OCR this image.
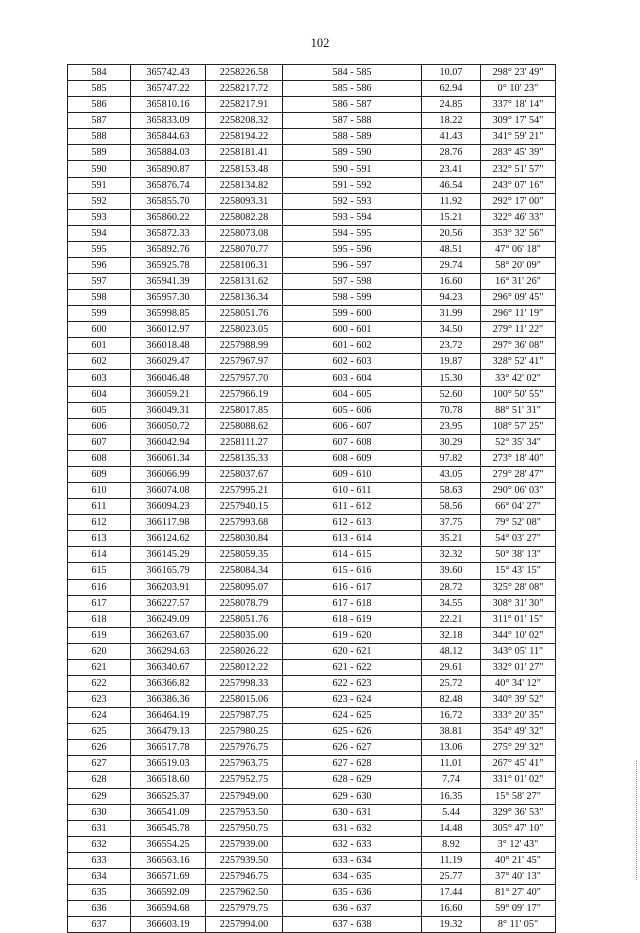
102
584	365742.43	2258226.58	584 - 585	10.07	298° 23' 49"
585	365747.22	2258217.72	585 - 586	62.94	0° 10' 23"
586	365810.16	2258217.91	586 - 587	24.85	337° 18' 14"
587	365833.09	2258208.32	587 - 588	18.22	309° 17' 54"
588	365844.63	2258194.22	588 - 589	41.43	341° 59' 21"
589	365884.03	2258181.41	589 - 590	28.76	283° 45' 39"
590	365890.87	2258153.48	590 - 591	23.41	232° 51' 57"
591	365876.74	2258134.82	591 - 592	46.54	243° 07' 16"
592	365855.70	2258093.31	592 - 593	11.92	292° 17' 00"
593	365860.22	2258082.28	593 - 594	15.21	322° 46' 33"
594	365872.33	2258073.08	594 - 595	20.56	353° 32' 56"
595	365892.76	2258070.77	595 - 596	48.51	47° 06' 18"
596	365925.78	2258106.31	596 - 597	29.74	58° 20' 09"
597	365941.39	2258131.62	597 - 598	16.60	16° 31' 26"
598	365957.30	2258136.34	598 - 599	94.23	296° 09' 45"
599	365998.85	2258051.76	599 - 600	31.99	296° 11' 19"
600	366012.97	2258023.05	600 - 601	34.50	279° 11' 22"
601	366018.48	2257988.99	601 - 602	23.72	297° 36' 08"
602	366029.47	2257967.97	602 - 603	19.87	328° 52' 41"
603	366046.48	2257957.70	603 - 604	15.30	33° 42' 02"
604	366059.21	2257966.19	604 - 605	52.60	100° 50' 55"
605	366049.31	2258017.85	605 - 606	70.78	88° 51' 31"
606	366050.72	2258088.62	606 - 607	23.95	108° 57' 25"
607	366042.94	2258111.27	607 - 608	30.29	52° 35' 34"
608	366061.34	2258135.33	608 - 609	97.82	273° 18' 40"
609	366066.99	2258037.67	609 - 610	43.05	279° 28' 47"
610	366074.08	2257995.21	610 - 611	58.63	290° 06' 03"
611	366094.23	2257940.15	611 - 612	58.56	66° 04' 27"
612	366117.98	2257993.68	612 - 613	37.75	79° 52' 08"
613	366124.62	2258030.84	613 - 614	35.21	54° 03' 27"
614	366145.29	2258059.35	614 - 615	32.32	50° 38' 13"
615	366165.79	2258084.34	615 - 616	39.60	15° 43' 15"
616	366203.91	2258095.07	616 - 617	28.72	325° 28' 08"
617	366227.57	2258078.79	617 - 618	34.55	308° 31' 30"
618	366249.09	2258051.76	618 - 619	22.21	311° 01' 15"
619	366263.67	2258035.00	619 - 620	32.18	344° 10' 02"
620	366294.63	2258026.22	620 - 621	48.12	343° 05' 11"
621	366340.67	2258012.22	621 - 622	29.61	332° 01' 27"
622	366366.82	2257998.33	622 - 623	25.72	40° 34' 12"
623	366386.36	2258015.06	623 - 624	82.48	340° 39' 52"
624	366464.19	2257987.75	624 - 625	16.72	333° 20' 35"
625	366479.13	2257980.25	625 - 626	38.81	354° 49' 32"
626	366517.78	2257976.75	626 - 627	13.06	275° 29' 32"
627	366519.03	2257963.75	627 - 628	11.01	267° 45' 41"
628	366518.60	2257952.75	628 - 629	7.74	331° 01' 02"
629	366525.37	2257949.00	629 - 630	16.35	15° 58' 27"
630	366541.09	2257953.50	630 - 631	5.44	329° 36' 53"
631	366545.78	2257950.75	631 - 632	14.48	305° 47' 10"
632	366554.25	2257939.00	632 - 633	8.92	3° 12' 43"
633	366563.16	2257939.50	633 - 634	11.19	40° 21' 45"
634	366571.69	2257946.75	634 - 635	25.77	37° 40' 13"
635	366592.09	2257962.50	635 - 636	17.44	81° 27' 40"
636	366594.68	2257979.75	636 - 637	16.60	59° 09' 17"
637	366603.19	2257994.00	637 - 638	19.32	8° 11' 05"
